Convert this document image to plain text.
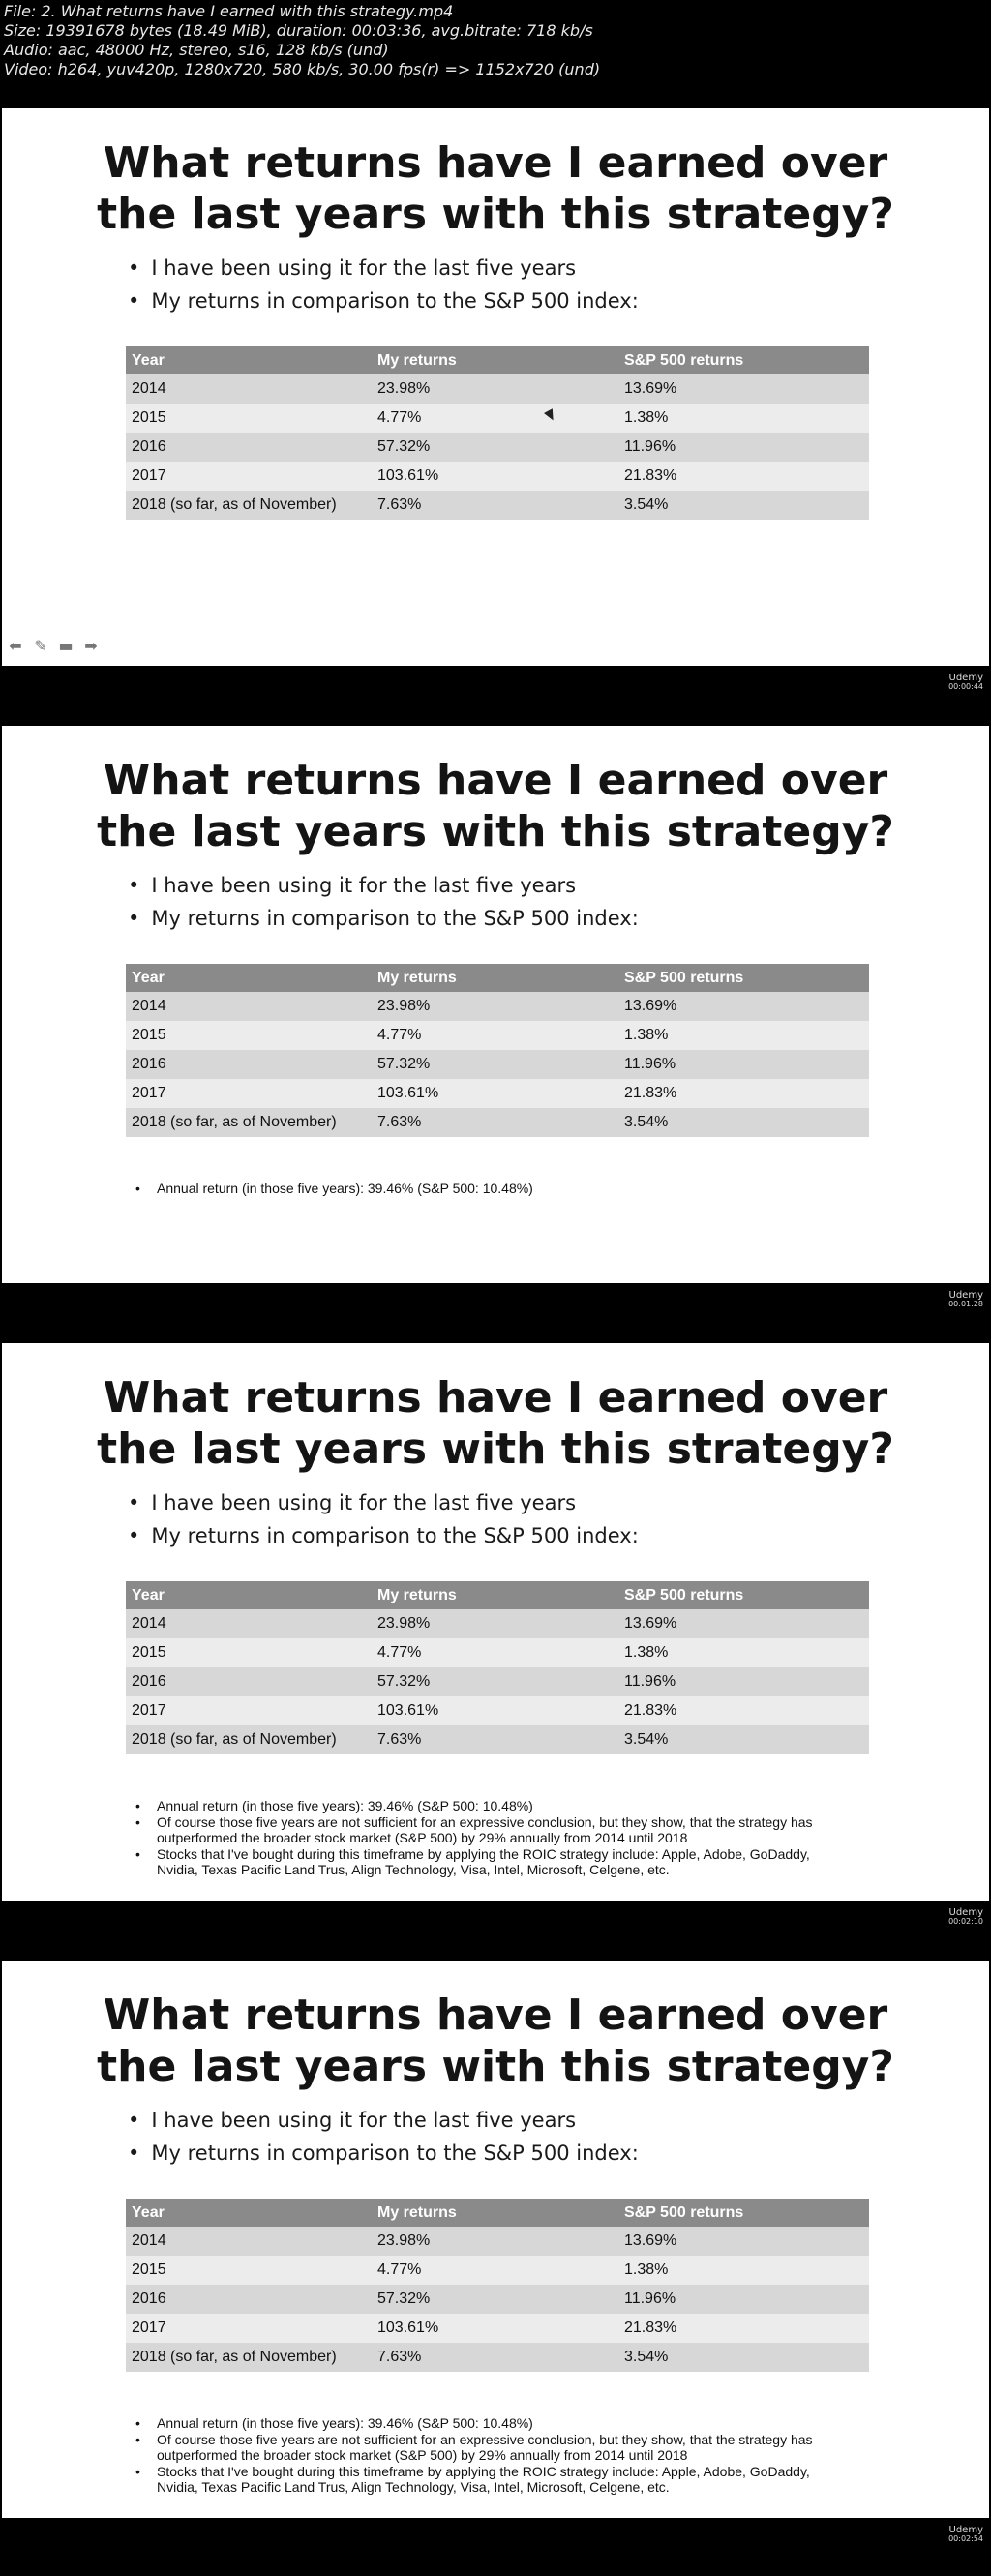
File: 2. What returns have I earned with this strategy.mp4
Size: 19391678 bytes (18.49 MiB), duration: 00:03:36, avg.bitrate: 718 kb/s
Audio: aac, 48000 Hz, stereo, s16, 128 kb/s (und)
Video: h264, yuv420p, 1280x720, 580 kb/s, 30.00 fps(r) => 1152x720 (und)
What returns have I earned over
the last years with this strategy?
• I have been using it for the last five years
• My returns in comparison to the S&P 500 index:
Year	My returns	S&P 500 returns
2014	23.98%	13.69%
2015	4.77%	1.38%
2016	57.32%	11.96%
2017	103.61%	21.83%
2018 (so far, as of November)	7.63%	3.54%
⬅ ✎ ▬ ➡
Udemy
00:00:44
What returns have I earned over
the last years with this strategy?
• I have been using it for the last five years
• My returns in comparison to the S&P 500 index:
Year	My returns	S&P 500 returns
2014	23.98%	13.69%
2015	4.77%	1.38%
2016	57.32%	11.96%
2017	103.61%	21.83%
2018 (so far, as of November)	7.63%	3.54%
• Annual return (in those five years): 39.46% (S&P 500: 10.48%)
Udemy
00:01:28
What returns have I earned over
the last years with this strategy?
• I have been using it for the last five years
• My returns in comparison to the S&P 500 index:
Year	My returns	S&P 500 returns
2014	23.98%	13.69%
2015	4.77%	1.38%
2016	57.32%	11.96%
2017	103.61%	21.83%
2018 (so far, as of November)	7.63%	3.54%
• Annual return (in those five years): 39.46% (S&P 500: 10.48%)
• Of course those five years are not sufficient for an expressive conclusion, but they show, that the strategy has outperformed the broader stock market (S&P 500) by 29% annually from 2014 until 2018
• Stocks that I've bought during this timeframe by applying the ROIC strategy include: Apple, Adobe, GoDaddy, Nvidia, Texas Pacific Land Trus, Align Technology, Visa, Intel, Microsoft, Celgene, etc.
Udemy
00:02:10
What returns have I earned over
the last years with this strategy?
• I have been using it for the last five years
• My returns in comparison to the S&P 500 index:
Year	My returns	S&P 500 returns
2014	23.98%	13.69%
2015	4.77%	1.38%
2016	57.32%	11.96%
2017	103.61%	21.83%
2018 (so far, as of November)	7.63%	3.54%
• Annual return (in those five years): 39.46% (S&P 500: 10.48%)
• Of course those five years are not sufficient for an expressive conclusion, but they show, that the strategy has outperformed the broader stock market (S&P 500) by 29% annually from 2014 until 2018
• Stocks that I've bought during this timeframe by applying the ROIC strategy include: Apple, Adobe, GoDaddy, Nvidia, Texas Pacific Land Trus, Align Technology, Visa, Intel, Microsoft, Celgene, etc.
Udemy
00:02:54
